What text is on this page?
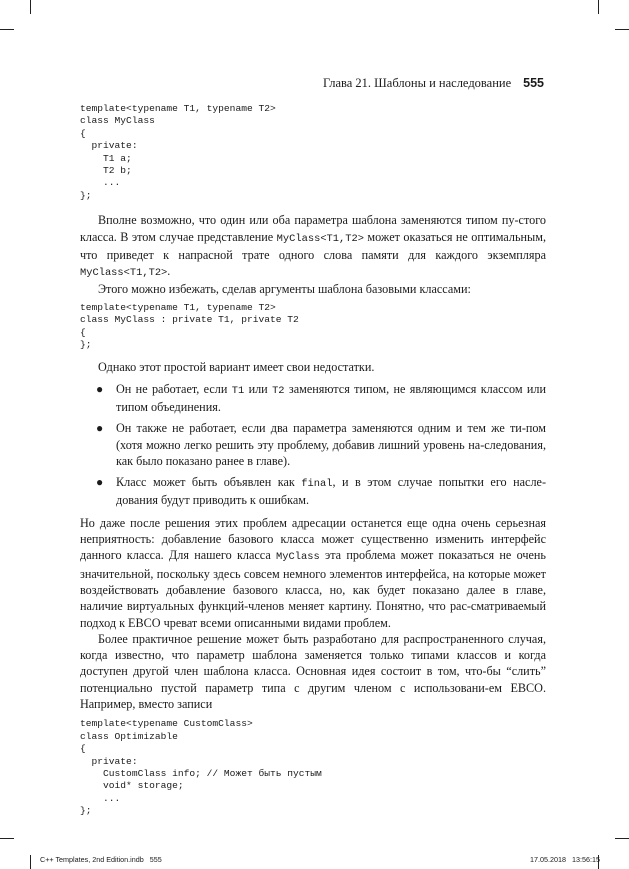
Глава 21. Шаблоны и наследование 555
template<typename T1, typename T2>
class MyClass
{
private:
T1 a;
T2 b;
...
};

Вполне возможно, что один или оба параметра шаблона заменяются типом пу-стого класса. В этом случае представление MyClass<T1,T2> может оказаться не оптимальным, что приведет к напрасной трате одного слова памяти для каждого экземпляра MyClass<T1,T2>.

Этого можно избежать, сделав аргументы шаблона базовыми классами:

template<typename T1, typename T2>
class MyClass : private T1, private T2
{
};

Однако этот простой вариант имеет свои недостатки.

● Он не работает, если T1 или T2 заменяются типом, не являющимся классом или типом объединения.
● Он также не работает, если два параметра заменяются одним и тем же ти-пом (хотя можно легко решить эту проблему, добавив лишний уровень на-следования, как было показано ранее в главе).
● Класс может быть объявлен как final, и в этом случае попытки его насле-дования будут приводить к ошибкам.

Но даже после решения этих проблем адресации останется еще одна очень серьезная неприятность: добавление базового класса может существенно изменить интерфейс данного класса. Для нашего класса MyClass эта проблема может показаться не очень значительной, поскольку здесь совсем немного элементов интерфейса, на которые может воздействовать добавление базового класса, но, как будет показано далее в главе, наличие виртуальных функций-членов меняет картину. Понятно, что рас-сматриваемый подход к EBCO чреват всеми описанными видами проблем.

Более практичное решение может быть разработано для распространенного случая, когда известно, что параметр шаблона заменяется только типами классов и когда доступен другой член шаблона класса. Основная идея состоит в том, что-бы “слить” потенциально пустой параметр типа с другим членом с использовани-ем EBCO. Например, вместо записи

template<typename CustomClass>
class Optimizable
{
private:
CustomClass info; // Может быть пустым
void* storage;
...
};
C++ Templates, 2nd Edition.indb   555	17.05.2018   13:56:15
